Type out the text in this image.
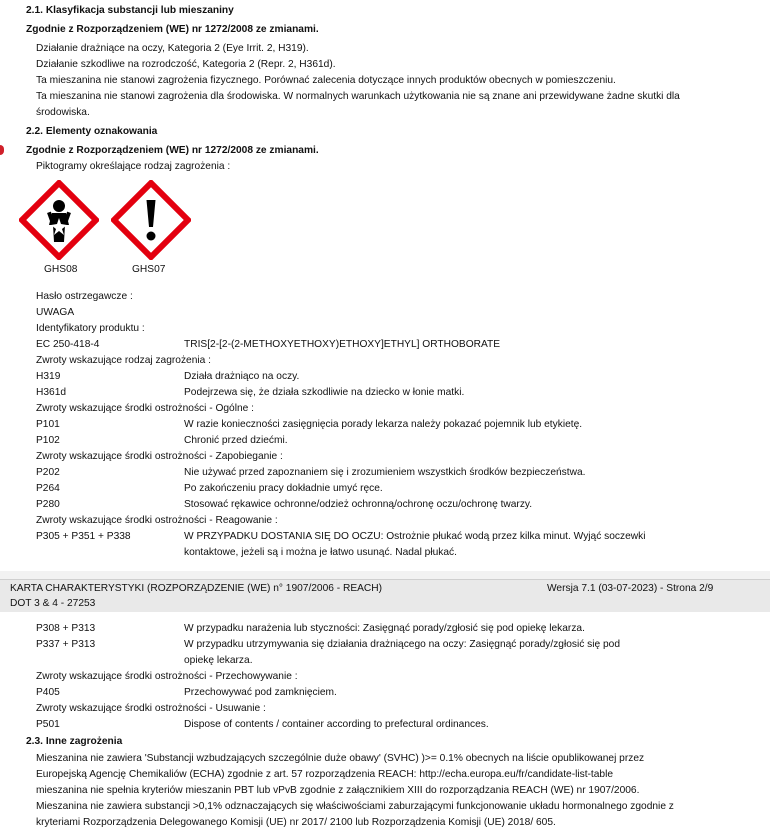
2.1. Klasyfikacja substancji lub mieszaniny
Zgodnie z Rozporządzeniem (WE) nr 1272/2008 ze zmianami.
Działanie drażniące na oczy, Kategoria 2 (Eye Irrit. 2, H319).
Działanie szkodliwe na rozrodczość, Kategoria 2 (Repr. 2, H361d).
Ta mieszanina nie stanowi zagrożenia fizycznego. Porównać zalecenia dotyczące innych produktów obecnych w pomieszczeniu.
Ta mieszanina nie stanowi zagrożenia dla środowiska. W normalnych warunkach użytkowania nie są znane ani przewidywane żadne skutki dla
środowiska.
2.2. Elementy oznakowania
Zgodnie z Rozporządzeniem (WE) nr 1272/2008 ze zmianami.
Piktogramy określające rodzaj zagrożenia :
GHS08	GHS07
Hasło ostrzegawcze :
UWAGA
Identyfikatory produktu :
EC 250-418-4	TRIS[2-[2-(2-METHOXYETHOXY)ETHOXY]ETHYL] ORTHOBORATE
Zwroty wskazujące rodzaj zagrożenia :
H319	Działa drażniąco na oczy.
H361d	Podejrzewa się, że działa szkodliwie na dziecko w łonie matki.
Zwroty wskazujące środki ostrożności - Ogólne :
P101	W razie konieczności zasięgnięcia porady lekarza należy pokazać pojemnik lub etykietę.
P102	Chronić przed dziećmi.
Zwroty wskazujące środki ostrożności - Zapobieganie :
P202	Nie używać przed zapoznaniem się i zrozumieniem wszystkich środków bezpieczeństwa.
P264	Po zakończeniu pracy dokładnie umyć ręce.
P280	Stosować rękawice ochronne/odzież ochronną/ochronę oczu/ochronę twarzy.
Zwroty wskazujące środki ostrożności - Reagowanie :
P305 + P351 + P338	W PRZYPADKU DOSTANIA SIĘ DO OCZU: Ostrożnie płukać wodą przez kilka minut. Wyjąć soczewki
kontaktowe, jeżeli są i można je łatwo usunąć. Nadal płukać.
KARTA CHARAKTERYSTYKI (ROZPORZĄDZENIE (WE) n° 1907/2006 - REACH)	Wersja 7.1 (03-07-2023) - Strona 2/9
DOT 3 & 4 - 27253
P308 + P313	W przypadku narażenia lub styczności: Zasięgnąć porady/zgłosić się pod opiekę lekarza.
P337 + P313	W przypadku utrzymywania się działania drażniącego na oczy: Zasięgnąć porady/zgłosić się pod
opiekę lekarza.
Zwroty wskazujące środki ostrożności - Przechowywanie :
P405	Przechowywać pod zamknięciem.
Zwroty wskazujące środki ostrożności - Usuwanie :
P501	Dispose of contents / container according to prefectural ordinances.
2.3. Inne zagrożenia
Mieszanina nie zawiera 'Substancji wzbudzających szczególnie duże obawy' (SVHC) )>= 0.1% obecnych na liście opublikowanej przez
Europejską Agencję Chemikaliów (ECHA) zgodnie z art. 57 rozporządzenia REACH: http://echa.europa.eu/fr/candidate-list-table
mieszanina nie spełnia kryteriów mieszanin PBT lub vPvB zgodnie z załącznikiem XIII do rozporządzania REACH (WE) nr 1907/2006.
Mieszanina nie zawiera substancji >0,1% odznaczających się właściwościami zaburzającymi funkcjonowanie układu hormonalnego zgodnie z
kryteriami Rozporządzenia Delegowanego Komisji (UE) nr 2017/ 2100 lub Rozporządzenia Komisji (UE) 2018/ 605.
